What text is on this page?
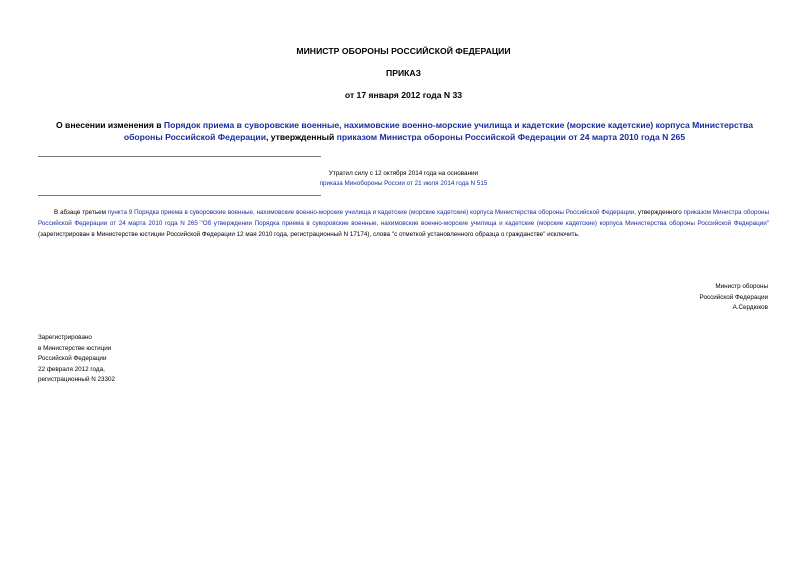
МИНИСТР ОБОРОНЫ РОССИЙСКОЙ ФЕДЕРАЦИИ
ПРИКАЗ
от 17 января 2012 года N 33
О внесении изменения в Порядок приема в суворовские военные, нахимовские военно-морские училища и кадетские (морские кадетские) корпуса Министерства обороны Российской Федерации, утвержденный приказом Министра обороны Российской Федерации от 24 марта 2010 года N 265
Утратил силу с 12 октября 2014 года на основании
приказа Минобороны России от 21 июля 2014 года N 515
В абзаце третьем пункта 9 Порядка приема в суворовские военные, нахимовские военно-морские училища и кадетские (морские кадетские) корпуса Министерства обороны Российской Федерации, утвержденного приказом Министра обороны Российской Федерации от 24 марта 2010 года N 265 "Об утверждении Порядка приема в суворовские военные, нахимовские военно-морские училища и кадетские (морские кадетские) корпуса Министерства обороны Российской Федерации" (зарегистрирован в Министерстве юстиции Российской Федерации 12 мая 2010 года, регистрационный N 17174), слова "с отметкой установленного образца о гражданстве" исключить.
Министр обороны
Российской Федерации
А.Сердюков
Зарегистрировано
в Министерстве юстиции
Российской Федерации
22 февраля 2012 года,
регистрационный N 23302
